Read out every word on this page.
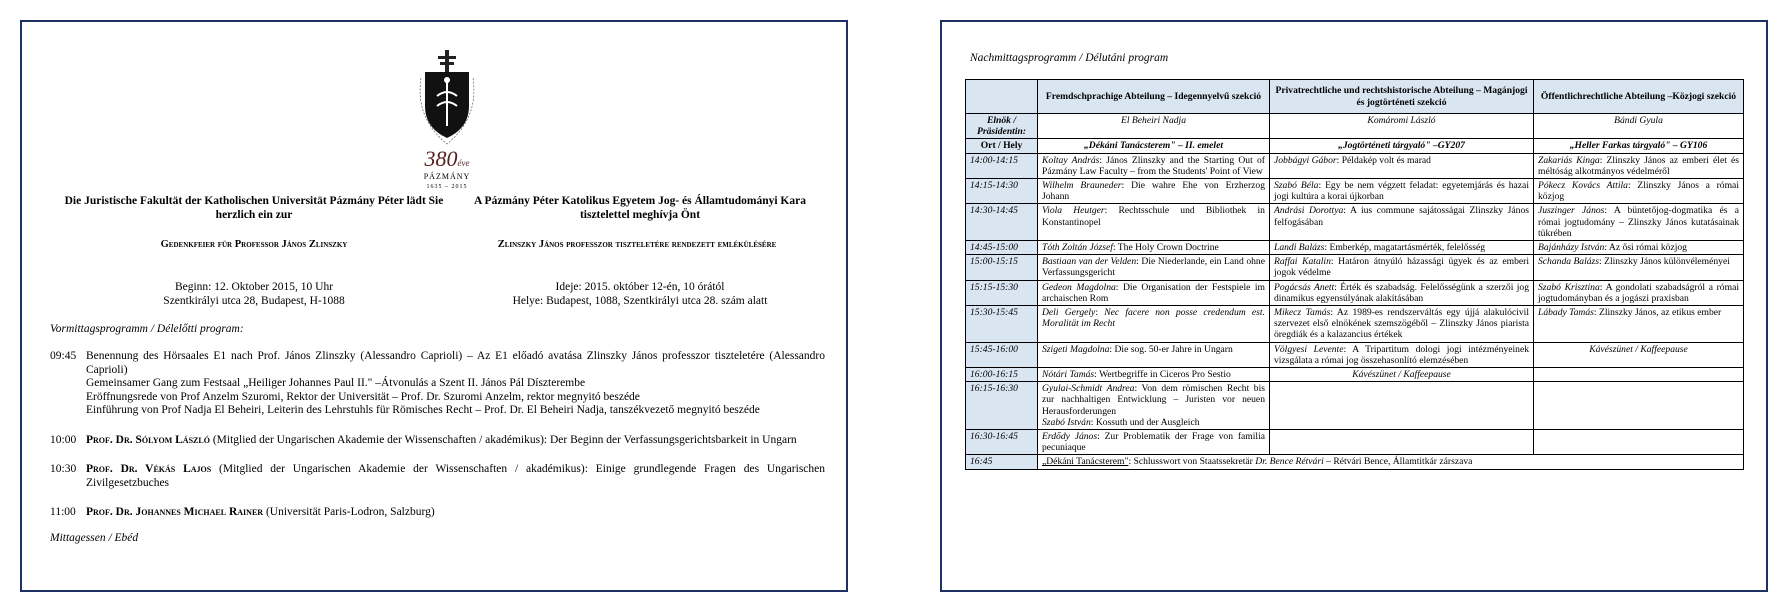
380éve
PÁZMÁNY
1635 – 2015
Die Juristische Fakultät der Katholischen Universität Pázmány Péter lädt Sie herzlich ein zur
A Pázmány Péter Katolikus Egyetem Jog- és Államtudományi Kara tisztelettel meghívja Önt
Gedenkfeier für Professor János Zlinszky	Zlinszky János professzor tiszteletére rendezett emlékülésére
Beginn: 12. Oktober 2015, 10 Uhr
Szentkirályi utca 28, Budapest, H-1088
Ideje: 2015. október 12-én, 10 órától
Helye: Budapest, 1088, Szentkirályi utca 28. szám alatt
Vormittagsprogramm / Délelőtti program:
09:45 Benennung des Hörsaales E1 nach Prof. János Zlinszky (Alessandro Caprioli) – Az E1 előadó avatása Zlinszky János professzor tiszteletére (Alessandro Caprioli)
Gemeinsamer Gang zum Festsaal „Heiliger Johannes Paul II." –Átvonulás a Szent II. János Pál Díszterembe
Eröffnungsrede von Prof Anzelm Szuromi, Rektor der Universität – Prof. Dr. Szuromi Anzelm, rektor megnyitó beszéde
Einführung von Prof Nadja El Beheiri, Leiterin des Lehrstuhls für Römisches Recht – Prof. Dr. El Beheiri Nadja, tanszékvezető megnyitó beszéde
10:00 Prof. Dr. Sólyom László (Mitglied der Ungarischen Akademie der Wissenschaften / akadémikus): Der Beginn der Verfassungsgerichtsbarkeit in Ungarn
10:30 Prof. Dr. Vékás Lajos (Mitglied der Ungarischen Akademie der Wissenschaften / akadémikus): Einige grundlegende Fragen des Ungarischen Zivilgesetzbuches
11:00 Prof. Dr. Johannes Michael Rainer (Universität Paris-Lodron, Salzburg)
Mittagessen / Ebéd
Nachmittagsprogramm / Délutáni program
	Fremdschprachige Abteilung – Idegennyelvű szekció	Privatrechtliche und rechtshistorische Abteilung – Magánjogi és jogtörténeti szekció	Öffentlichrechtliche Abteilung –Közjogi szekció
Elnök / Präsidentin:	El Beheiri Nadja	Komáromi László	Bándi Gyula
Ort / Hely	„Dékáni Tanácsterem" – II. emelet	„Jogtörténeti tárgyaló" –GY207	„Heller Farkas tárgyaló" – GY106
14:00-14:15	Koltay András: János Zlinszky and the Starting Out of Pázmány Law Faculty – from the Students' Point of View	Jobbágyi Gábor: Példakép volt és marad	Zakariás Kinga: Zlinszky János az emberi élet és méltóság alkotmányos védelméről
14:15-14:30	Wilhelm Brauneder: Die wahre Ehe von Erzherzog Johann	Szabó Béla: Egy be nem végzett feladat: egyetemjárás és hazai jogi kultúra a korai újkorban	Pókecz Kovács Attila: Zlinszky János a római közjog
14:30-14:45	Viola Heutger: Rechtsschule und Bibliothek in Konstantinopel	Andrási Dorottya: A ius commune sajátosságai Zlinszky János felfogásában	Juszinger János: A büntetőjog-dogmatika és a római jogtudomány – Zlinszky János kutatásainak tükrében
14:45-15:00	Tóth Zoltán József: The Holy Crown Doctrine	Landi Balázs: Emberkép, magatartásmérték, felelősség	Bajánházy István: Az ősi római közjog
15:00-15:15	Bastiaan van der Velden: Die Niederlande, ein Land ohne Verfassungsgericht	Raffai Katalin: Határon átnyúló házassági ügyek és az emberi jogok védelme	Schanda Balázs: Zlinszky János különvéleményei
15:15-15:30	Gedeon Magdolna: Die Organisation der Festspiele im archaischen Rom	Pogácsás Anett: Érték és szabadság. Felelősségünk a szerzői jog dinamikus egyensúlyának alakításában	Szabó Krisztina: A gondolati szabadságról a római jogtudományban és a jogászi praxisban
15:30-15:45	Deli Gergely: Nec facere non posse credendum est. Moralität im Recht	Mikecz Tamás: Az 1989-es rendszerváltás egy újjá alakulócivil szervezet első elnökének szemszögéből – Zlinszky János piarista öregdiák és a kalazancius értékek	Lábady Tamás: Zlinszky János, az etikus ember
15:45-16:00	Szigeti Magdolna: Die sog. 50-er Jahre in Ungarn	Völgyesi Levente: A Tripartitum dologi jogi intézményeinek vizsgálata a római jog összehasonlító elemzésében	Kávészünet / Kaffeepause
16:00-16:15	Nótári Tamás: Wertbegriffe in Ciceros Pro Sestio	Kávészünet / Kaffeepause	
16:15-16:30	Gyulai-Schmidt Andrea: Von dem römischen Recht bis zur nachhaltigen Entwicklung – Juristen vor neuen Herausforderungen
Szabó István: Kossuth und der Ausgleich		
16:30-16:45	Erdődy János: Zur Problematik der Frage von familia pecuniaque		
16:45	„Dékáni Tanácsterem": Schlusswort von Staatssekretär Dr. Bence Rétvári – Rétvári Bence, Államtitkár zárszava		
